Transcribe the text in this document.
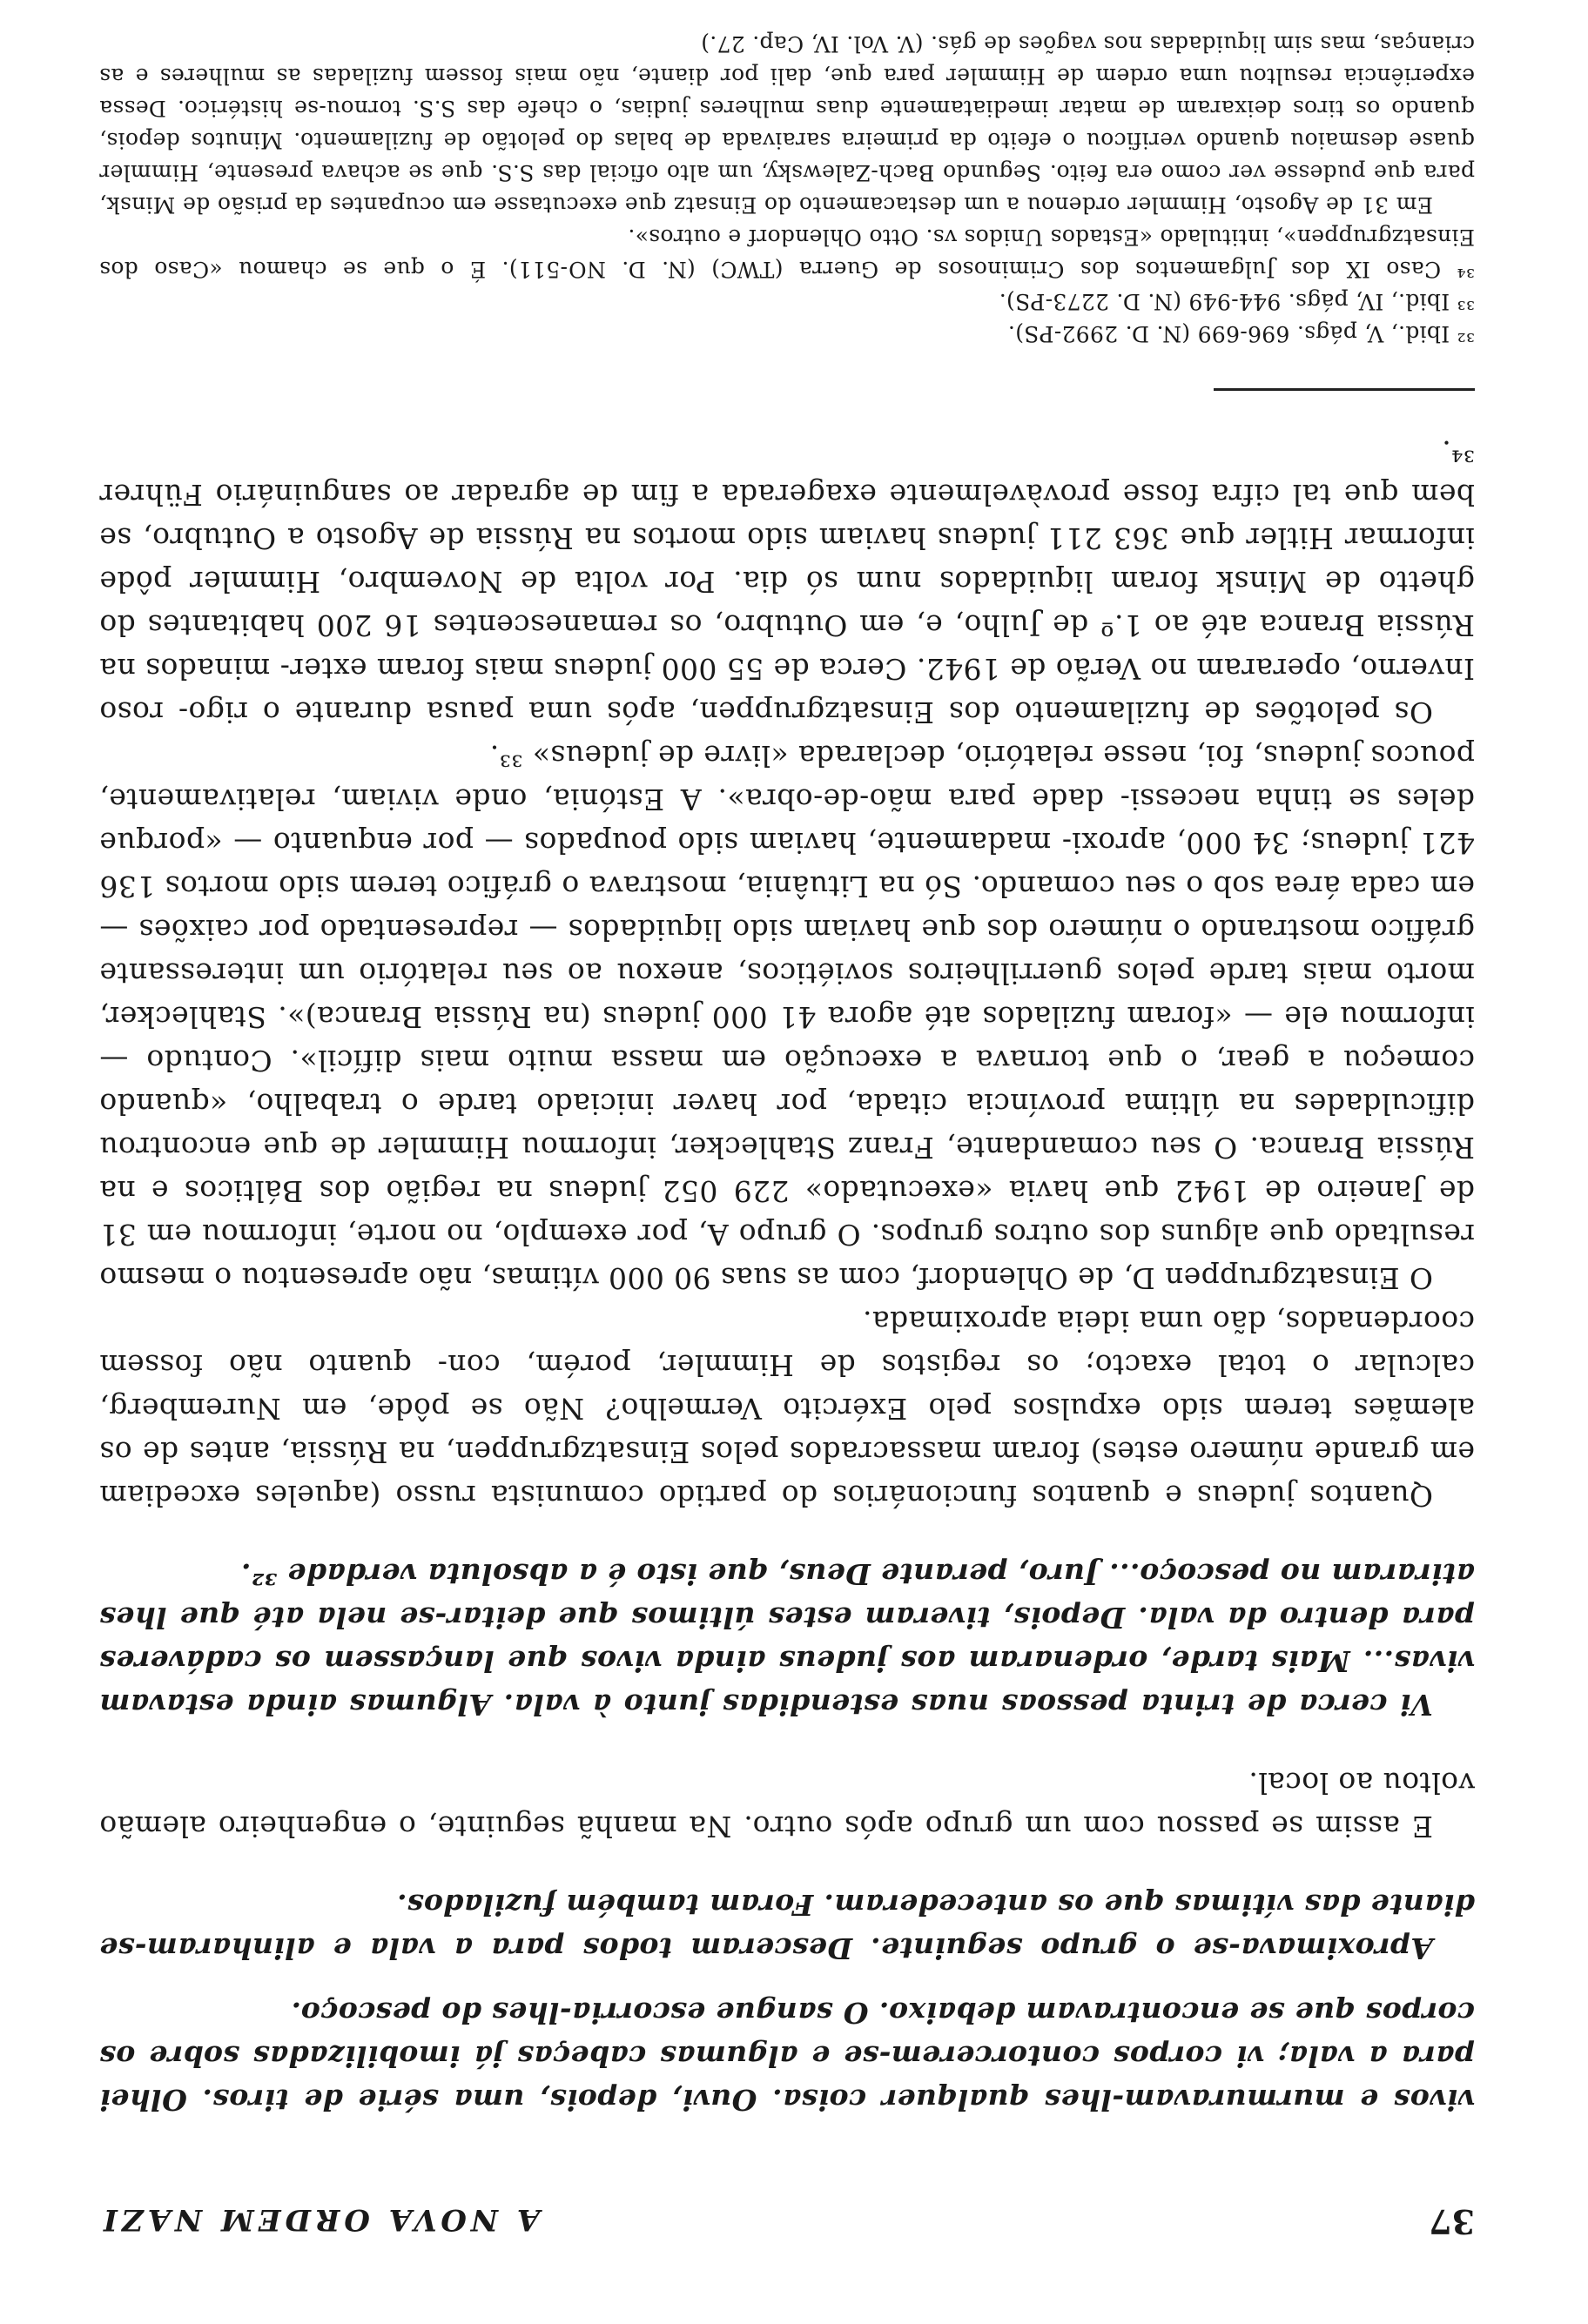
37
A NOVA ORDEM NAZI

vivos e murmuravam-lhes qualquer coisa. Ouvi, depois, uma série de tiros. Olhei para a vala; vi corpos contorcerem-se e algumas cabeças já imobilizadas sobre os corpos que se encontravam debaixo. O sangue escorria-lhes do pescoço.

Aproximava-se o grupo seguinte. Desceram todos para a vala e alinharam-se diante das vítimas que os antecederam. Foram também fuzilados.

E assim se passou com um grupo após outro. Na manhã seguinte, o engenheiro alemão voltou ao local.

Vi cerca de trinta pessoas nuas estendidas junto à vala. Algumas ainda estavam vivas... Mais tarde, ordenaram aos judeus ainda vivos que lançassem os cadáveres para dentro da vala. Depois, tiveram estes últimos que deitar-se nela até que lhes atiraram no pescoço... Juro, perante Deus, que isto é a absoluta verdade ³².

Quantos judeus e quantos funcionários do partido comunista russo (aqueles excediam em grande número estes) foram massacrados pelos Einsatzgruppen, na Rússia, antes de os alemães terem sido expulsos pelo Exército Vermelho? Não se pôde, em Nuremberg, calcular o total exacto; os registos de Himmler, porém, con- quanto não fossem coordenados, dão uma ideia aproximada.

O Einsatzgruppen D, de Ohlendorf, com as suas 90 000 vítimas, não apresentou o mesmo resultado que alguns dos outros grupos. O grupo A, por exemplo, no norte, informou em 31 de Janeiro de 1942 que havia «executado» 229 052 judeus na região dos Bálticos e na Rússia Branca. O seu comandante, Franz Stahlecker, informou Himmler de que encontrou dificuldades na última província citada, por haver iniciado tarde o trabalho, «quando começou a gear, o que tornava a execução em massa muito mais difícil». Contudo — informou ele — «foram fuzilados até agora 41 000 judeus (na Rússia Branca)». Stahlecker, morto mais tarde pelos guerrilheiros soviéticos, anexou ao seu relatório um interessante gráfico mostrando o número dos que haviam sido liquidados — representado por caixões — em cada área sob o seu comando. Só na Lituânia, mostrava o gráfico terem sido mortos 136 421 judeus; 34 000, aproxi- madamente, haviam sido poupados — por enquanto — «porque deles se tinha necessi- dade para mão-de-obra». A Estónia, onde viviam, relativamente, poucos judeus, foi, nesse relatório, declarada «livre de judeus» ³³.

Os pelotões de fuzilamento dos Einsatzgruppen, após uma pausa durante o rigo- roso Inverno, operaram no Verão de 1942. Cerca de 55 000 judeus mais foram exter- minados na Rússia Branca até ao 1.º de Julho, e, em Outubro, os remanescentes 16 200 habitantes do ghetto de Minsk foram liquidados num só dia. Por volta de Novembro, Himmler pôde informar Hitler que 363 211 judeus haviam sido mortos na Rússia de Agosto a Outubro, se bem que tal cifra fosse provàvelmente exagerada a fim de agradar ao sanguinário Führer ³⁴.

³² Ibid., V, págs. 696-699 (N. D. 2992-PS).

³³ Ibid., IV, págs. 944-949 (N. D. 2273-PS).

³⁴ Caso IX dos Julgamentos dos Criminosos de Guerra (TWC) (N. D. NO-511). É o que se chamou «Caso dos Einsatzgruppen», intitulado «Estados Unidos vs. Otto Ohlendorf e outros».

Em 31 de Agosto, Himmler ordenou a um destacamento do Einsatz que executasse em ocupantes da prisão de Minsk, para que pudesse ver como era feito. Segundo Bach-Zalewsky, um alto oficial das S.S. que se achava presente, Himmler quase desmaiou quando verificou o efeito da primeira saraivada de balas do pelotão de fuzilamento. Minutos depois, quando os tiros deixaram de matar imediatamente duas mulheres judias, o chefe das S.S. tornou-se histérico. Dessa experiência resultou uma ordem de Himmler para que, dali por diante, não mais fossem fuziladas as mulheres e as crianças, mas sim liquidadas nos vagões de gás. (V. Vol. IV, Cap. 27.)
